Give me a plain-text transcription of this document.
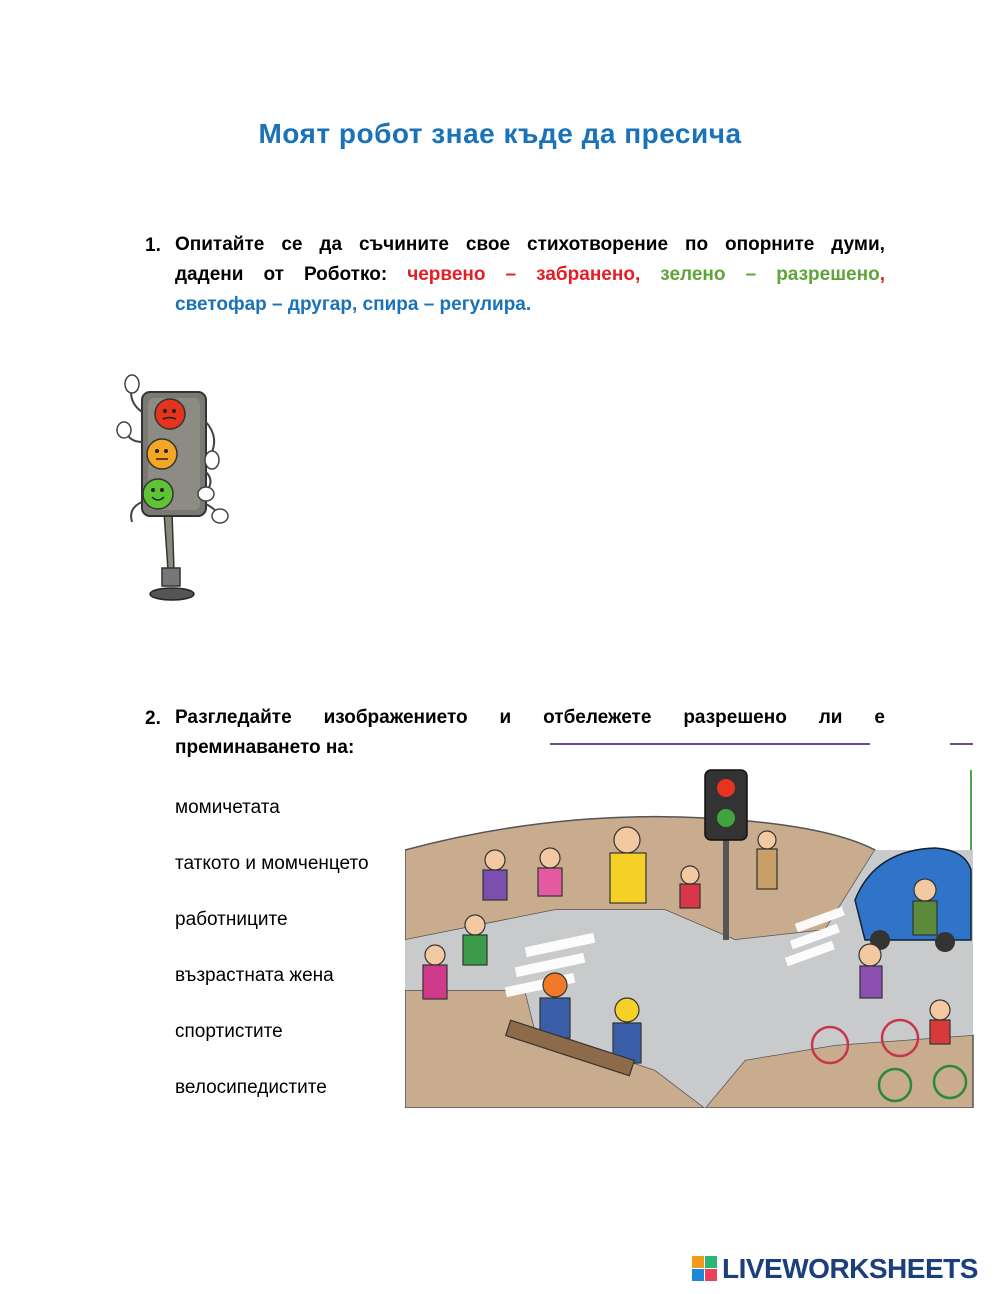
Моят робот знае къде да пресича
1. Опитайте се да съчините свое стихотворение по опорните думи,
дадени от Роботко: червено – забранено, зелено – разрешено,
светофар – другар, спира – регулира.
2. Разгледайте изображението и отбележете разрешено ли е
преминаването на:
момичетата
таткото и момченцето
работниците
възрастната жена
спортистите
велосипедистите
LIVEWORKSHEETS
